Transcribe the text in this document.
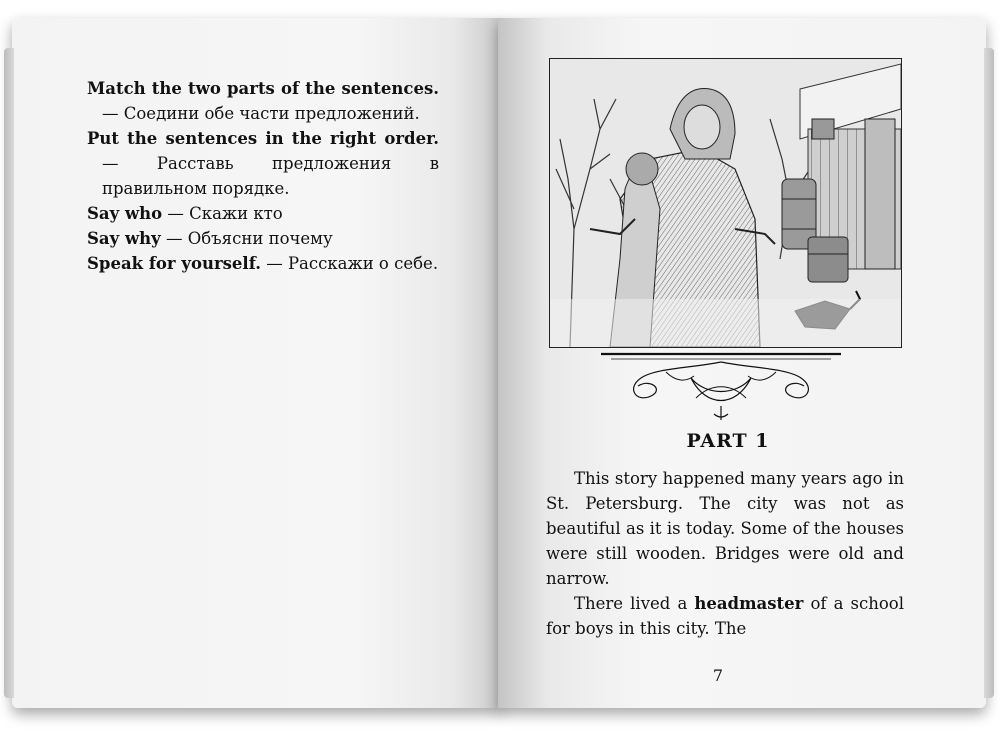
Match the two parts of the sentences. — Соедини обе части предложений.

Put the sentences in the right order. — Расставь предложения в правильном порядке.

Say who — Скажи кто

Say why — Объясни почему

Speak for yourself. — Расскажи о себе.

PART 1

This story happened many years ago in St. Petersburg. The city was not as beautiful as it is today. Some of the houses were still wooden. Bridges were old and narrow.

There lived a headmaster of a school for boys in this city. The

7
